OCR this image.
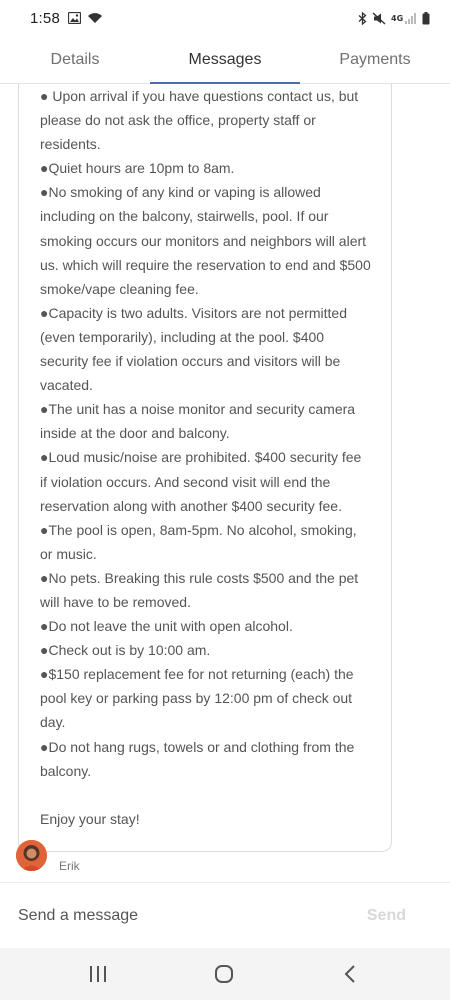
1:58	4G
Details	Messages	Payments

● Upon arrival if you have questions contact us, but please do not ask the office, property staff or residents.

●Quiet hours are 10pm to 8am.

●No smoking of any kind or vaping is allowed including on the balcony, stairwells, pool. If our smoking occurs our monitors and neighbors will alert us. which will require the reservation to end and $500 smoke/vape cleaning fee.

●Capacity is two adults. Visitors are not permitted (even temporarily), including at the pool. $400 security fee if violation occurs and visitors will be vacated.

●The unit has a noise monitor and security camera inside at the door and balcony.

●Loud music/noise are prohibited. $400 security fee if violation occurs. And second visit will end the reservation along with another $400 security fee.

●The pool is open, 8am-5pm. No alcohol, smoking, or music.

●No pets. Breaking this rule costs $500 and the pet will have to be removed.

●Do not leave the unit with open alcohol.

●Check out is by 10:00 am.

●$150 replacement fee for not returning (each) the pool key or parking pass by 12:00 pm of check out day.

●Do not hang rugs, towels or and clothing from the balcony.

Enjoy your stay!

Erik
Send a message	Send
